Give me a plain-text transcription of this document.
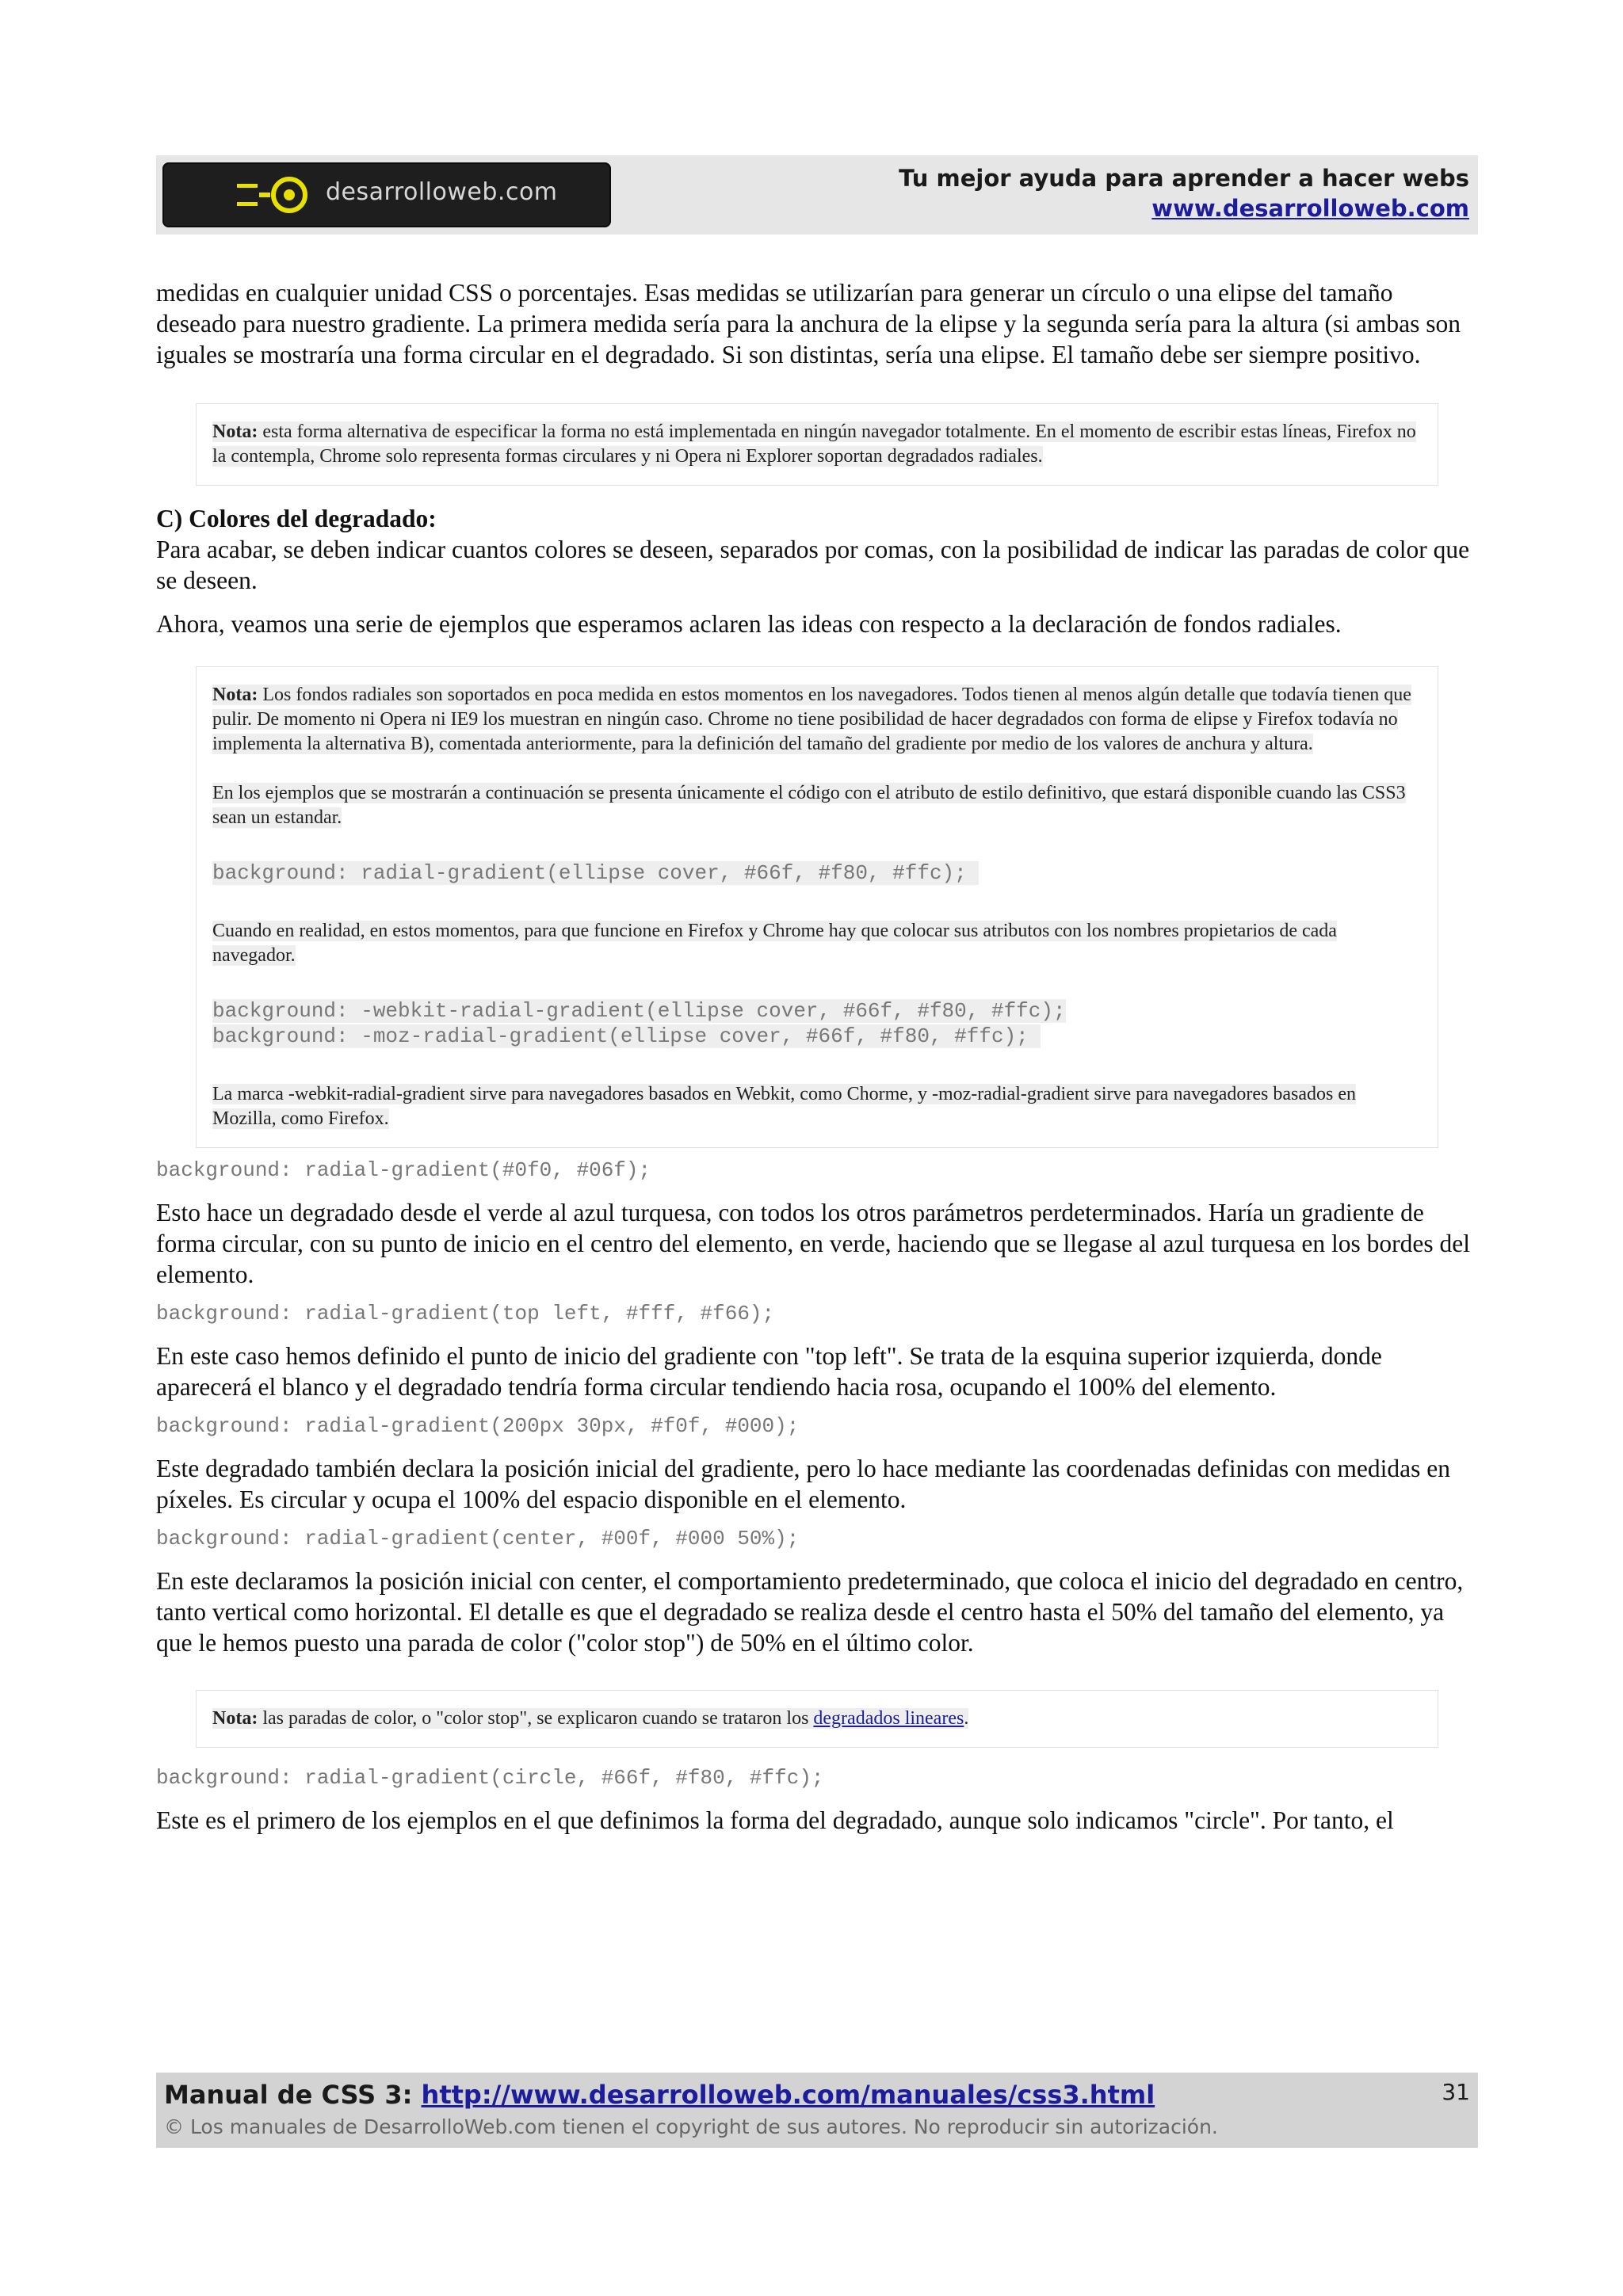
desarrolloweb.com	Tu mejor ayuda para aprender a hacer webs
www.desarrolloweb.com

medidas en cualquier unidad CSS o porcentajes. Esas medidas se utilizarían para generar un círculo o una elipse del tamaño deseado para nuestro gradiente. La primera medida sería para la anchura de la elipse y la segunda sería para la altura (si ambas son iguales se mostraría una forma circular en el degradado. Si son distintas, sería una elipse. El tamaño debe ser siempre positivo.

Nota: esta forma alternativa de especificar la forma no está implementada en ningún navegador totalmente. En el momento de escribir estas líneas, Firefox no la contempla, Chrome solo representa formas circulares y ni Opera ni Explorer soportan degradados radiales.

C) Colores del degradado:

Para acabar, se deben indicar cuantos colores se deseen, separados por comas, con la posibilidad de indicar las paradas de color que se deseen.

Ahora, veamos una serie de ejemplos que esperamos aclaren las ideas con respecto a la declaración de fondos radiales.

Nota: Los fondos radiales son soportados en poca medida en estos momentos en los navegadores. Todos tienen al menos algún detalle que todavía tienen que pulir. De momento ni Opera ni IE9 los muestran en ningún caso. Chrome no tiene posibilidad de hacer degradados con forma de elipse y Firefox todavía no implementa la alternativa B), comentada anteriormente, para la definición del tamaño del gradiente por medio de los valores de anchura y altura.
En los ejemplos que se mostrarán a continuación se presenta únicamente el código con el atributo de estilo definitivo, que estará disponible cuando las CSS3 sean un estandar.
background: radial-gradient(ellipse cover, #66f, #f80, #ffc);
Cuando en realidad, en estos momentos, para que funcione en Firefox y Chrome hay que colocar sus atributos con los nombres propietarios de cada navegador.
background: -webkit-radial-gradient(ellipse cover, #66f, #f80, #ffc);
background: -moz-radial-gradient(ellipse cover, #66f, #f80, #ffc);
La marca -webkit-radial-gradient sirve para navegadores basados en Webkit, como Chorme, y -moz-radial-gradient sirve para navegadores basados en Mozilla, como Firefox.
background: radial-gradient(#0f0, #06f);

Esto hace un degradado desde el verde al azul turquesa, con todos los otros parámetros perdeterminados. Haría un gradiente de forma circular, con su punto de inicio en el centro del elemento, en verde, haciendo que se llegase al azul turquesa en los bordes del elemento.

background: radial-gradient(top left, #fff, #f66);

En este caso hemos definido el punto de inicio del gradiente con "top left". Se trata de la esquina superior izquierda, donde aparecerá el blanco y el degradado tendría forma circular tendiendo hacia rosa, ocupando el 100% del elemento.

background: radial-gradient(200px 30px, #f0f, #000);

Este degradado también declara la posición inicial del gradiente, pero lo hace mediante las coordenadas definidas con medidas en píxeles. Es circular y ocupa el 100% del espacio disponible en el elemento.

background: radial-gradient(center, #00f, #000 50%);

En este declaramos la posición inicial con center, el comportamiento predeterminado, que coloca el inicio del degradado en centro, tanto vertical como horizontal. El detalle es que el degradado se realiza desde el centro hasta el 50% del tamaño del elemento, ya que le hemos puesto una parada de color ("color stop") de 50% en el último color.

Nota: las paradas de color, o "color stop", se explicaron cuando se trataron los degradados lineares.
background: radial-gradient(circle, #66f, #f80, #ffc);

Este es el primero de los ejemplos en el que definimos la forma del degradado, aunque solo indicamos "circle". Por tanto, el

Manual de CSS 3: http://www.desarrolloweb.com/manuales/css3.html
© Los manuales de DesarrolloWeb.com tienen el copyright de sus autores. No reproducir sin autorización.
31
